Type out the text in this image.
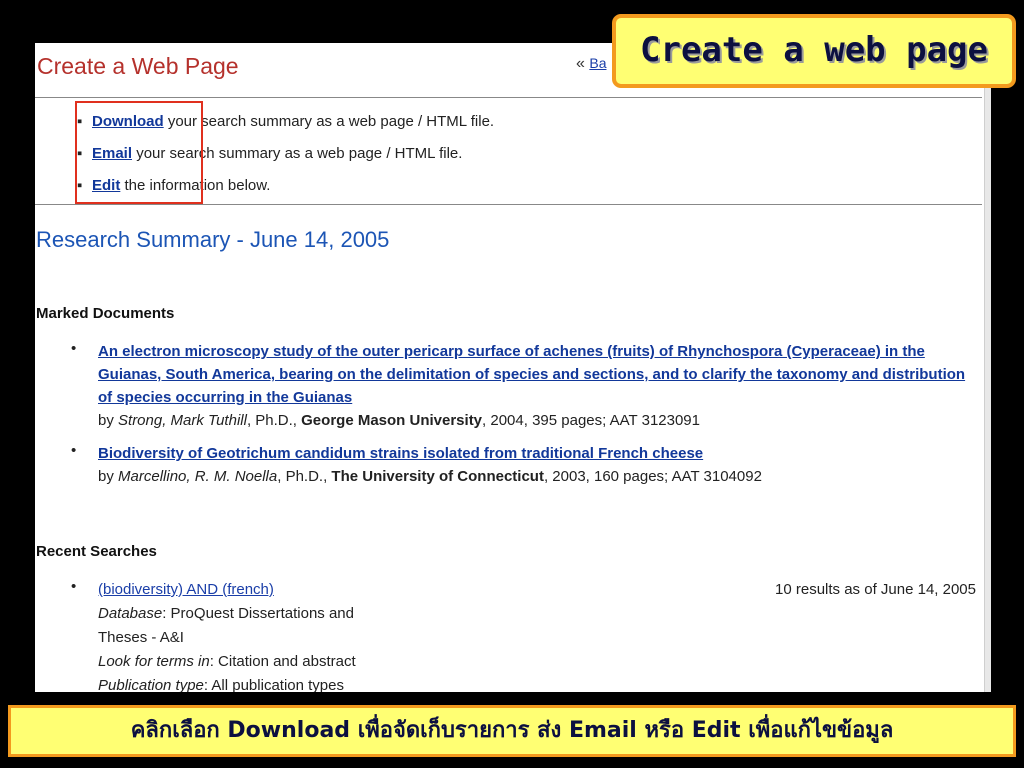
Create a Web Page	« Ba
▪ Download your search summary as a web page / HTML file.
▪ Email your search summary as a web page / HTML file.
▪ Edit the information below.
Research Summary - June 14, 2005
Marked Documents
• An electron microscopy study of the outer pericarp surface of achenes (fruits) of Rhynchospora (Cyperaceae) in the Guianas, South America, bearing on the delimitation of species and sections, and to clarify the taxonomy and distribution of species occurring in the Guianas
by Strong, Mark Tuthill, Ph.D., George Mason University, 2004, 395 pages; AAT 3123091
• Biodiversity of Geotrichum candidum strains isolated from traditional French cheese
by Marcellino, R. M. Noella, Ph.D., The University of Connecticut, 2003, 160 pages; AAT 3104092
Recent Searches
• (biodiversity) AND (french)	10 results as of June 14, 2005
Database: ProQuest Dissertations and Theses - A&I
Look for terms in: Citation and abstract
Publication type: All publication types
Create a web page
คลิกเลือก Download เพื่อจัดเก็บรายการ ส่ง Email หรือ Edit เพื่อแก้ไขข้อมูล
